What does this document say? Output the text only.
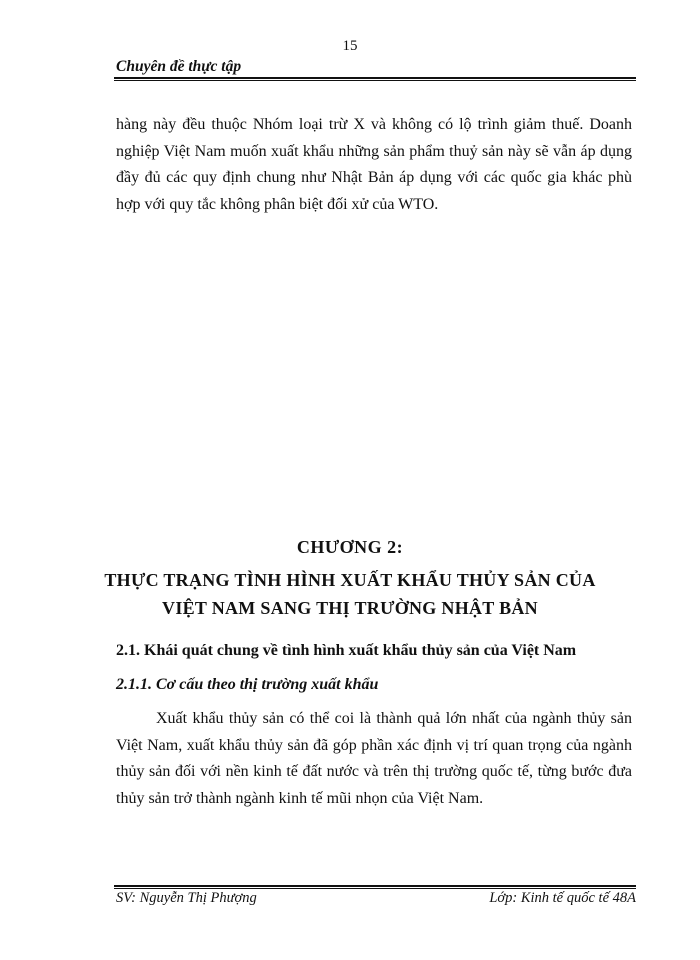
15
Chuyên đề thực tập

hàng này đều thuộc Nhóm loại trừ X và không có lộ trình giảm thuế. Doanh nghiệp Việt Nam muốn xuất khẩu những sản phẩm thuỷ sản này sẽ vẫn áp dụng đầy đủ các quy định chung như Nhật Bản áp dụng với các quốc gia khác phù hợp với quy tắc không phân biệt đối xử của WTO.

CHƯƠNG 2:
THỰC TRẠNG TÌNH HÌNH XUẤT KHẨU THỦY SẢN CỦA
VIỆT NAM SANG THỊ TRƯỜNG NHẬT BẢN
2.1. Khái quát chung về tình hình xuất khẩu thủy sản của Việt Nam
2.1.1. Cơ cấu theo thị trường xuất khẩu

Xuất khẩu thủy sản có thể coi là thành quả lớn nhất của ngành thủy sản Việt Nam, xuất khẩu thủy sản đã góp phần xác định vị trí quan trọng của ngành thủy sản đối với nền kinh tế đất nước và trên thị trường quốc tế, từng bước đưa thủy sản trở thành ngành kinh tế mũi nhọn của Việt Nam.

SV: Nguyễn Thị Phượng	Lớp: Kinh tế quốc tế 48A
